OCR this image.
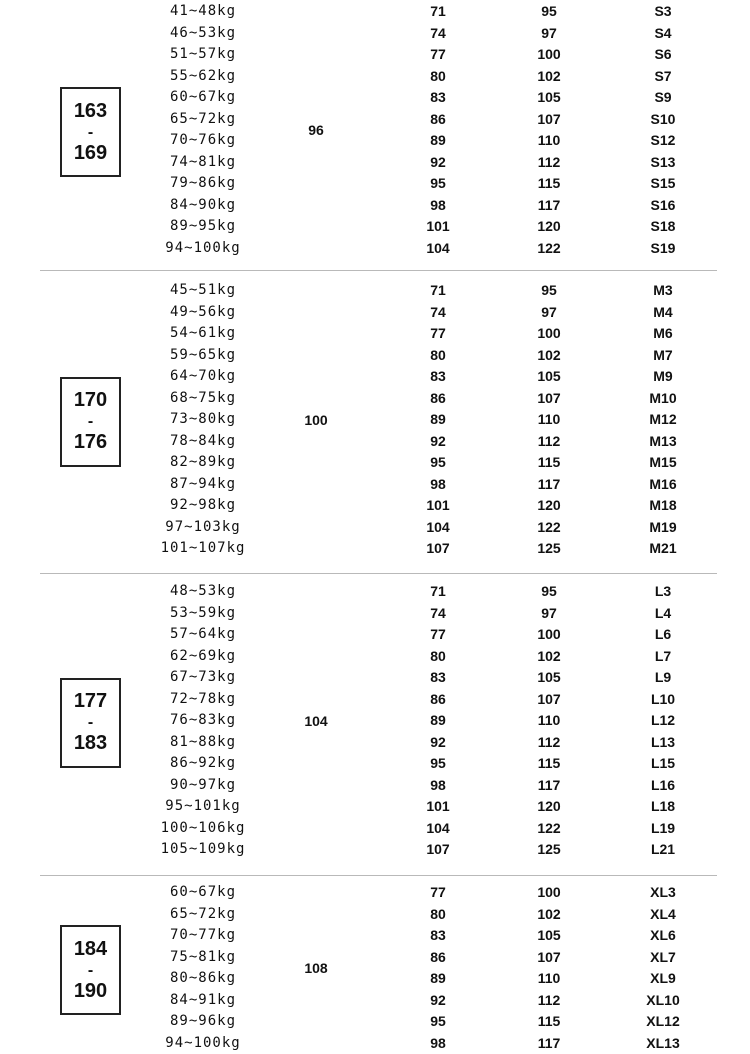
163
-
169
96
41~48kg	71	95	S3
46~53kg	74	97	S4
51~57kg	77	100	S6
55~62kg	80	102	S7
60~67kg	83	105	S9
65~72kg	86	107	S10
70~76kg	89	110	S12
74~81kg	92	112	S13
79~86kg	95	115	S15
84~90kg	98	117	S16
89~95kg	101	120	S18
94~100kg	104	122	S19
170
-
176
100
45~51kg	71	95	M3
49~56kg	74	97	M4
54~61kg	77	100	M6
59~65kg	80	102	M7
64~70kg	83	105	M9
68~75kg	86	107	M10
73~80kg	89	110	M12
78~84kg	92	112	M13
82~89kg	95	115	M15
87~94kg	98	117	M16
92~98kg	101	120	M18
97~103kg	104	122	M19
101~107kg	107	125	M21
177
-
183
104
48~53kg	71	95	L3
53~59kg	74	97	L4
57~64kg	77	100	L6
62~69kg	80	102	L7
67~73kg	83	105	L9
72~78kg	86	107	L10
76~83kg	89	110	L12
81~88kg	92	112	L13
86~92kg	95	115	L15
90~97kg	98	117	L16
95~101kg	101	120	L18
100~106kg	104	122	L19
105~109kg	107	125	L21
184
-
190
108
60~67kg	77	100	XL3
65~72kg	80	102	XL4
70~77kg	83	105	XL6
75~81kg	86	107	XL7
80~86kg	89	110	XL9
84~91kg	92	112	XL10
89~96kg	95	115	XL12
94~100kg	98	117	XL13
